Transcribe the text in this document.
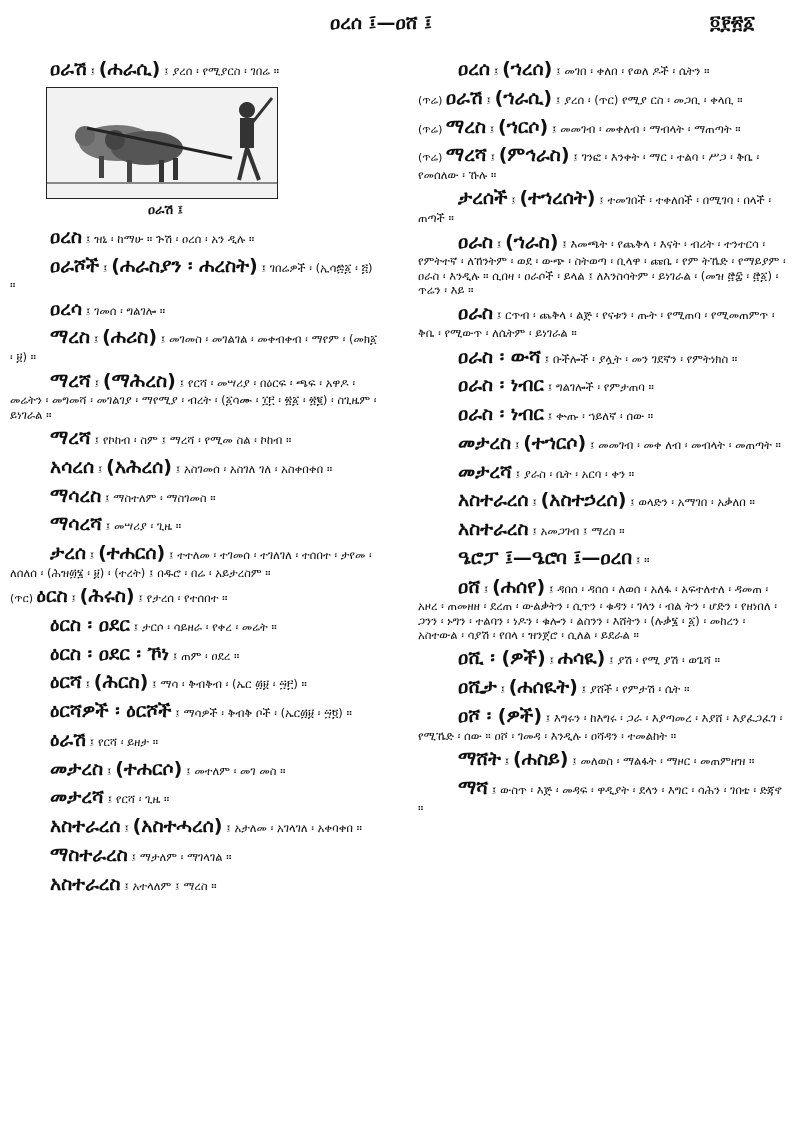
ዐረሰ ፤—ዐሸ ፤	፬፻፳፩
ዐራሽ ፤ (ሐራሲ) ፤ ያረሰ ፡ የሚያርስ ፡ ገበሬ ።
ዐራሽ ፤
ዐረስ ፤ ዝኒ ፡ ከማሁ ። ጕሽ ፡ ዐረሰ ፡ አን ዲሉ ።
ዐራሾች ፤ (ሐራስያን ፡ ሐረስት) ፤ ገበሬዎች ፡ (ኢሳ፷፩ ፡ ፭) ።
ዐረሳ ፤ ገመሰ ፡ ግልገሎ ።
ማረስ ፤ (ሐሪስ) ፤ መገመስ ፡ መገልገል ፡ መቀብቀብ ፡ ማየም ፡ (መክ፩ ፡ ፱) ።
ማረሻ ፤ (ማሕረስ) ፤ የርሻ ፡ መሣሪያ ፡ በዕርፍ ፡ ጫፍ ፡ አዋዶ ፡ መሬትን ፡ መግመሻ ፡ መገልገያ ፡ ማየሚያ ፡ ብረት ፡ (፩ሳሙ ፡ ፲፫ ፡ ፳፩ ፡ ፳፪) ፡ ስጊዜም ፡ ይነገራል ።
ማረሻ ፤ የኮከብ ፡ ስም ፤ ማረሻ ፡ የሚመ ስል ፡ ኮከብ ።
አሳረሰ ፤ (አሕረሰ) ፤ አስገመሰ ፡ አስገለ ገለ ፡ አስቀበቀበ ።
ማሳረስ ፤ ማስተለም ፡ ማስገመስ ።
ማሳረሻ ፤ መሣሪያ ፡ ጊዜ ።
ታረሰ ፤ (ተሐርሰ) ፤ ተተለመ ፡ ተገመሰ ፡ ተገለገለ ፡ ተሰበተ ፡ ታየመ ፡ ለሰለሰ ፡ (ሕዝ፴፮ ፡ ፱) ፡ (ተረት) ፤ በዱሮ ፡ በሬ ፡ አይታረስም ።
(ጥር) ዕርስ ፤ (ሕሩስ) ፤ የታረሰ ፡ የተሰበተ ።
ዕርስ ፡ ዐደር ፤ ታርሶ ፡ ሳይዘራ ፡ የቀረ ፡ መሬት ።
ዕርስ ፡ ዐደር ፡ ኾነ ፤ ጠም ፡ ዐደረ ።
ዕርሻ ፤ (ሕርስ) ፤ ማሳ ፡ ቅብቅብ ፡ (ኤር ፴፱ ፡ ፵፫) ።
ዕርሻዎች ፡ ዕርሾች ፤ ማሳዎች ፡ ቅብቅ ቦች ፡ (ኤር፴፱ ፡ ፵፬) ።
ዕራሽ ፤ የርሻ ፡ ይዘታ ።
መታረስ ፤ (ተሐርሶ) ፤ መተለም ፡ መገ መስ ።
መታረሻ ፤ የርሻ ፡ ጊዜ ።
አስተራረሰ ፤ (አስተሓረሰ) ፤ አታለመ ፡ አገላገለ ፡ አቀባቀበ ።
ማስተራረስ ፤ ማታለም ፡ ማገላገል ።
አስተራረስ ፤ አተላለም ፤ ማረስ ።
ዐረሰ ፤ (ኀረሰ) ፤ መገበ ፡ ቀለበ ፡ የወለ ዶች ፡ ሴትን ።
(ጥሬ) ዐራሽ ፤ (ኀራሲ) ፤ ያረሰ ፡ (ጥር) የሚያ ርስ ፡ መጋቢ ፡ ቀላቢ ።
(ጥሬ) ማረስ ፤ (ኀርሶ) ፤ መመገብ ፡ መቀለብ ፡ ማብላት ፡ ማጠጣት ።
(ጥሬ) ማረሻ ፤ (ምኅራስ) ፤ ገንፎ ፡ እንቀት ፡ ማር ፡ ተልባ ፡ ሥጋ ፡ ቅቤ ፡ የመሰለው ፡ ኹሉ ።
ታረሰች ፤ (ተኀረሰት) ፤ ተመገበች ፡ ተቀለበች ፡ በሚገባ ፡ በላች ፡ ጠጣች ።
ዐራስ ፤ (ኀራስ) ፤ እመጫት ፡ የጨቅላ ፡ እናት ፡ ብሪት ፡ ተንተርሳ ፡ የምትተኛ ፡ ለኸንትም ፡ ወደ ፡ ውጭ ፡ ስትወጣ ፡ ቢላዋ ፡ ጩቤ ፡ የም ትኼድ ፡ የማይያም ፡ ዐራስ ፡ እንዲሉ ። ሲበዛ ፡ ዐራሶች ፡ ይላል ፤ ለእንስሳትም ፡ ይነገራል ፡ (መዝ ፸፰ ፡ ፸፩) ፡ ጥሬን ፡ እይ ።
ዐራስ ፤ ርጥብ ፡ ጨቅላ ፡ ልጅ ፡ የናቱን ፡ ጡት ፡ የሚጠባ ፡ የሚመጠምጥ ፡ ቅቤ ፡ የሚውጥ ፡ ለሴትም ፡ ይነገራል ።
ዐራስ ፡ ውሻ ፤ ቡችሎች ፡ ያሏት ፡ መን ገደኛን ፡ የምትነክስ ።
ዐራስ ፡ ነብር ፤ ግልገሎች ፡ የምታጠባ ።
ዐራስ ፡ ነብር ፤ ቍጡ ፡ ኀይለኛ ፡ ሰው ።
መታረስ ፤ (ተኀርሶ) ፤ መመገብ ፡ መቀ ለብ ፡ መብላት ፡ መጠጣት ።
መታረሻ ፤ ያራስ ፡ ቤት ፡ አርባ ፡ ቀን ።
አስተራረሰ ፤ (አስተኃረሰ) ፤ ወላድን ፡ አማገበ ፡ አቃለበ ።
አስተራረስ ፤ አመጋገብ ፤ ማረስ ።
ዔሮፓ ፤—ዔሮባ ፤—ዐረበ ፤ ።
ዐሸ ፤ (ሐሰየ) ፤ ዳበሰ ፡ ዳሰሰ ፡ ለወሰ ፡ አለፋ ፡ አፍተለተለ ፡ ዳመጠ ፡ አዞረ ፡ ጠመዘዘ ፡ ደረጠ ፡ ውልቃትን ፡ ሲጥን ፡ ቁዳን ፡ ገላን ፡ ብል ትን ፡ ሆድን ፡ የዘነበለ ፡ ጋንን ፡ ኑግን ፡ ተልባን ፡ ነዶን ፡ ቁሎን ፡ ልስንን ፡ እሸትን ፡ (ሉቃ፮ ፡ ፩) ፡ መከረን ፡ አስተውል ፡ ሳያሽ ፡ የበላ ፡ ዝንጀሮ ፡ ሲለል ፡ ይደራል ።
ዐሺ ፡ (ዎች) ፤ ሐሳዪ) ፤ ያሽ ፡ የሚ ያሽ ፡ ወጌሻ ።
ዐሺታ ፤ (ሐሰዪት) ፤ ያሸች ፡ የምታሽ ፡ ሴት ።
ዐሾ ፡ (ዎች) ፤ እግሩን ፡ ከእግሩ ፡ ጋራ ፡ እያጣመረ ፡ እያሸ ፡ እያፈጋፈገ ፡ የሚኼድ ፡ ሰው ። ዐሾ ፡ ገመዳ ፡ እንዲሉ ፡ ዐሻዳን ፡ ተመልከት ።
ማሸት ፤ (ሐስይ) ፤ መለወስ ፡ ማልፋት ፡ ማዞር ፡ መጠምዘዝ ።
ማሻ ፤ ውስጥ ፡ እጅ ፡ መዳፍ ፡ ዋዲያት ፡ ደላን ፡ እግር ፡ ሳሕን ፡ ገበቴ ፡ ድጃኖ ።
